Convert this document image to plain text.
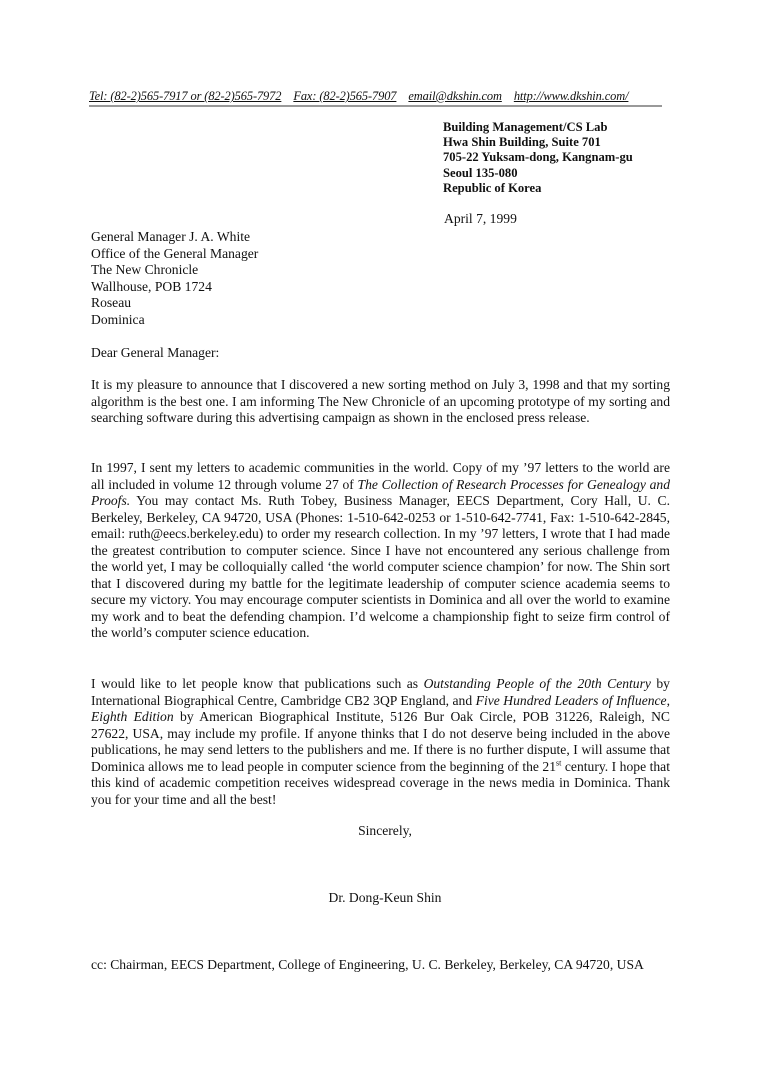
Tel: (82-2)565-7917 or (82-2)565-7972 Fax: (82-2)565-7907 email@dkshin.com http://www.dkshin.com/
Building Management/CS Lab
Hwa Shin Building, Suite 701
705-22 Yuksam-dong, Kangnam-gu
Seoul 135-080
Republic of Korea
April 7, 1999
General Manager J. A. White
Office of the General Manager
The New Chronicle
Wallhouse, POB 1724
Roseau
Dominica
Dear General Manager:
It is my pleasure to announce that I discovered a new sorting method on July 3, 1998 and that my sorting algorithm is the best one. I am informing The New Chronicle of an upcoming prototype of my sorting and searching software during this advertising campaign as shown in the enclosed press release.
In 1997, I sent my letters to academic communities in the world. Copy of my ’97 letters to the world are all included in volume 12 through volume 27 of The Collection of Research Processes for Genealogy and Proofs. You may contact Ms. Ruth Tobey, Business Manager, EECS Department, Cory Hall, U. C. Berkeley, Berkeley, CA 94720, USA (Phones: 1-510-642-0253 or 1-510-642-7741, Fax: 1-510-642-2845, email: ruth@eecs.berkeley.edu) to order my research collection. In my ’97 letters, I wrote that I had made the greatest contribution to computer science. Since I have not encountered any serious challenge from the world yet, I may be colloquially called ‘the world computer science champion’ for now. The Shin sort that I discovered during my battle for the legitimate leadership of computer science academia seems to secure my victory. You may encourage computer scientists in Dominica and all over the world to examine my work and to beat the defending champion. I’d welcome a championship fight to seize firm control of the world’s computer science education.
I would like to let people know that publications such as Outstanding People of the 20th Century by International Biographical Centre, Cambridge CB2 3QP England, and Five Hundred Leaders of Influence, Eighth Edition by American Biographical Institute, 5126 Bur Oak Circle, POB 31226, Raleigh, NC 27622, USA, may include my profile. If anyone thinks that I do not deserve being included in the above publications, he may send letters to the publishers and me. If there is no further dispute, I will assume that Dominica allows me to lead people in computer science from the beginning of the 21st century. I hope that this kind of academic competition receives widespread coverage in the news media in Dominica. Thank you for your time and all the best!
Sincerely,
Dr. Dong-Keun Shin
cc: Chairman, EECS Department, College of Engineering, U. C. Berkeley, Berkeley, CA 94720, USA
